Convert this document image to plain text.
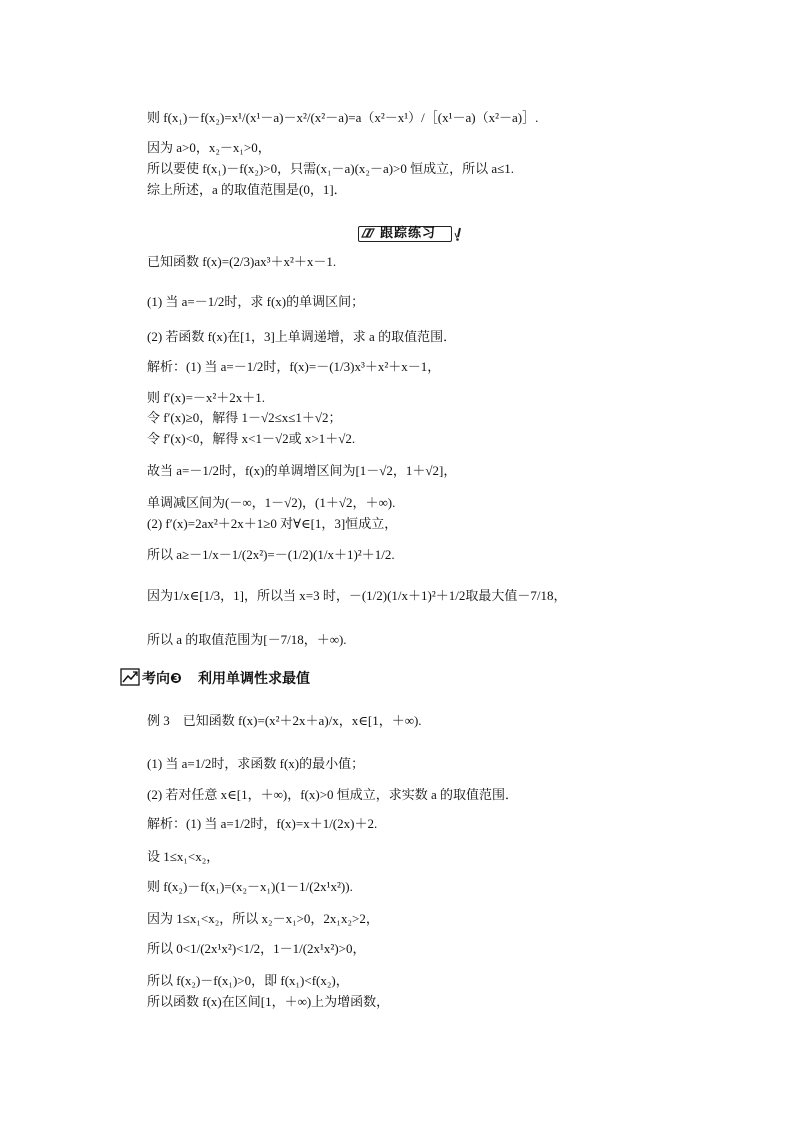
则 f(x₁)－f(x₂)=x¹/(x¹－a)－x²/(x²－a)=a（x²－x¹）/［(x¹－a)（x²－a)］.
因为 a>0，x₂－x₁>0，
所以要使 f(x₁)－f(x₂)>0，只需(x₁－a)(x₂－a)>0 恒成立，所以 a≤1.
综上所述，a 的取值范围是(0，1]．
跟踪练习
已知函数 f(x)=(2/3)ax³＋x²＋x－1.
(1) 当 a=－1/2时，求 f(x)的单调区间；
(2) 若函数 f(x)在[1，3]上单调递增，求 a 的取值范围．
解析：(1) 当 a=－1/2时，f(x)=－(1/3)x³＋x²＋x－1，
则 f′(x)=－x²＋2x＋1.
令 f′(x)≥0，解得 1－√2≤x≤1＋√2；
令 f′(x)<0，解得 x<1－√2或 x>1＋√2.
故当 a=－1/2时，f(x)的单调增区间为[1－√2，1＋√2]，
单调减区间为(－∞，1－√2)，(1＋√2，＋∞).
(2) f′(x)=2ax²＋2x＋1≥0 对∀∈[1，3]恒成立，
所以 a≥－1/x－1/(2x²)=－(1/2)(1/x＋1)²＋1/2.
因为1/x∈[1/3，1]，所以当 x=3 时，－(1/2)(1/x＋1)²＋1/2取最大值－7/18，
所以 a 的取值范围为[－7/18，＋∞).
考向❸ 利用单调性求最值
例 3　已知函数 f(x)=(x²＋2x＋a)/x，x∈[1，＋∞).
(1) 当 a=1/2时，求函数 f(x)的最小值；
(2) 若对任意 x∈[1，＋∞)，f(x)>0 恒成立，求实数 a 的取值范围．
解析：(1) 当 a=1/2时，f(x)=x＋1/(2x)＋2.
设 1≤x₁<x₂，
则 f(x₂)－f(x₁)=(x₂－x₁)(1－1/(2x¹x²)).
因为 1≤x₁<x₂，所以 x₂－x₁>0，2x₁x₂>2，
所以 0<1/(2x¹x²)<1/2，1－1/(2x¹x²)>0，
所以 f(x₂)－f(x₁)>0，即 f(x₁)<f(x₂)，
所以函数 f(x)在区间[1，＋∞)上为增函数，
